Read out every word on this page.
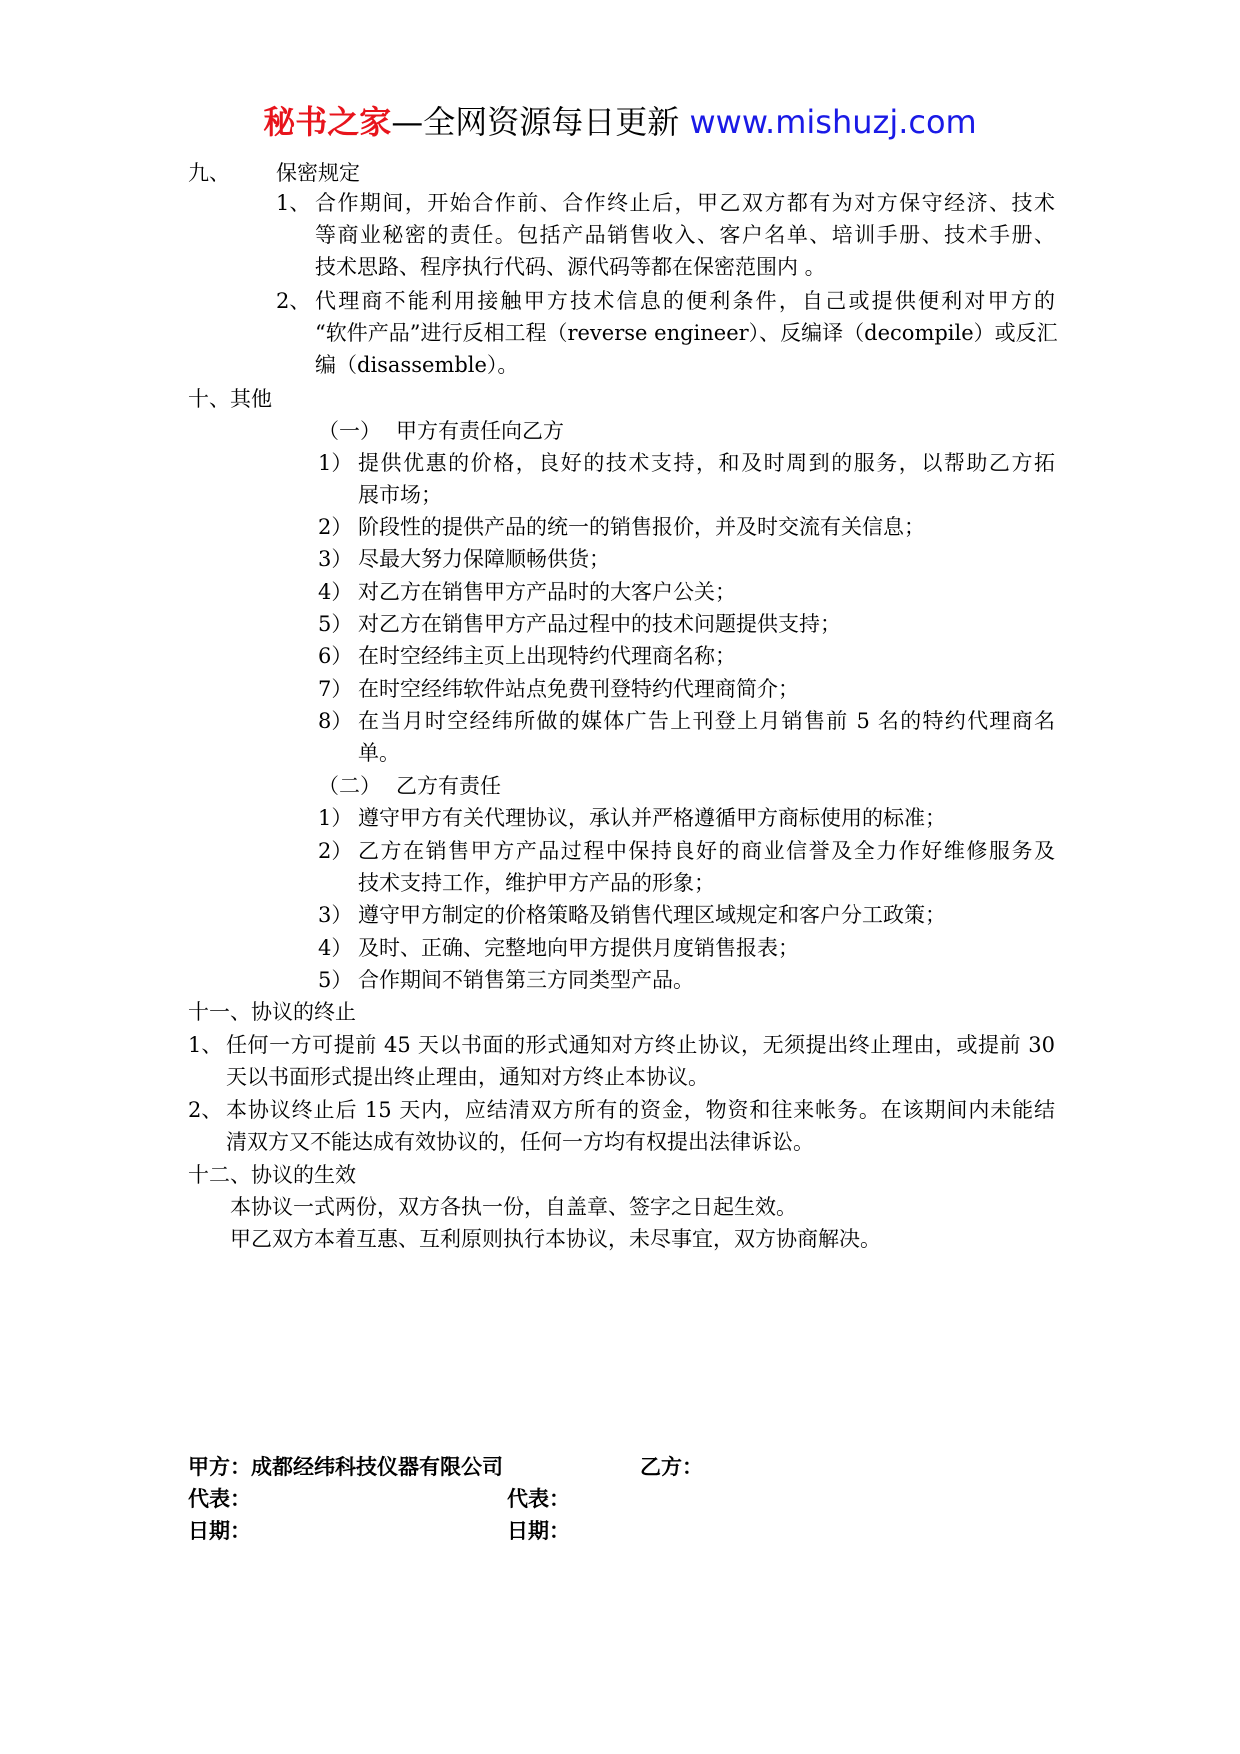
秘书之家—全网资源每日更新 www.mishuzj.com
九、 保密规定
1、 合作期间，开始合作前、合作终止后，甲乙双方都有为对方保守经济、技术
等商业秘密的责任。包括产品销售收入、客户名单、培训手册、技术手册、
技术思路、程序执行代码、源代码等都在保密范围内 。
2、 代理商不能利用接触甲方技术信息的便利条件，自己或提供便利对甲方的
“软件产品”进行反相工程（reverse engineer）、反编译（decompile）或反汇
编（disassemble）。
十、其他
（一） 甲方有责任向乙方
1） 提供优惠的价格，良好的技术支持，和及时周到的服务，以帮助乙方拓
展市场；
2） 阶段性的提供产品的统一的销售报价，并及时交流有关信息；
3） 尽最大努力保障顺畅供货；
4） 对乙方在销售甲方产品时的大客户公关；
5） 对乙方在销售甲方产品过程中的技术问题提供支持；
6） 在时空经纬主页上出现特约代理商名称；
7） 在时空经纬软件站点免费刊登特约代理商简介；
8） 在当月时空经纬所做的媒体广告上刊登上月销售前 5 名的特约代理商名
单。
（二） 乙方有责任
1） 遵守甲方有关代理协议，承认并严格遵循甲方商标使用的标准；
2） 乙方在销售甲方产品过程中保持良好的商业信誉及全力作好维修服务及
技术支持工作，维护甲方产品的形象；
3） 遵守甲方制定的价格策略及销售代理区域规定和客户分工政策；
4） 及时、正确、完整地向甲方提供月度销售报表；
5） 合作期间不销售第三方同类型产品。
十一、协议的终止
1、 任何一方可提前 45 天以书面的形式通知对方终止协议，无须提出终止理由，或提前 30
天以书面形式提出终止理由，通知对方终止本协议。
2、 本协议终止后 15 天内，应结清双方所有的资金，物资和往来帐务。在该期间内未能结
清双方又不能达成有效协议的，任何一方均有权提出法律诉讼。
十二、协议的生效
本协议一式两份，双方各执一份，自盖章、签字之日起生效。
甲乙双方本着互惠、互利原则执行本协议，未尽事宜，双方协商解决。
甲方：成都经纬科技仪器有限公司	乙方：
代表：	代表：
日期：	日期：
